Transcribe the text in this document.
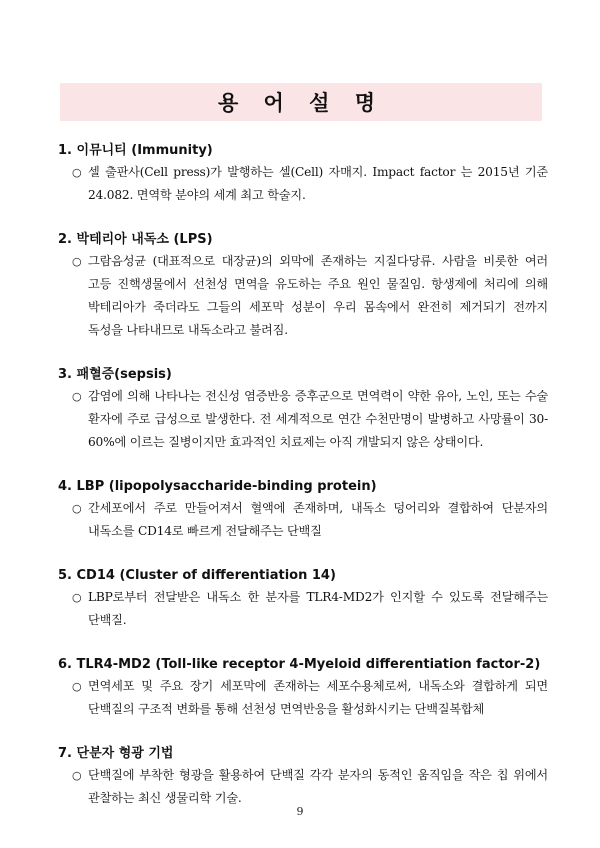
용 어 설 명
1. 이뮤니티 (Immunity)
○ 셀 출판사(Cell press)가 발행하는 셀(Cell) 자매지. Impact factor 는 2015년 기준 24.082. 면역학 분야의 세계 최고 학술지.
2. 박테리아 내독소 (LPS)
○ 그람음성균 (대표적으로 대장균)의 외막에 존재하는 지질다당류. 사람을 비롯한 여러 고등 진핵생물에서 선천성 면역을 유도하는 주요 원인 물질임. 항생제에 처리에 의해 박테리아가 죽더라도 그들의 세포막 성분이 우리 몸속에서 완전히 제거되기 전까지 독성을 나타내므로 내독소라고 불려짐.
3. 패혈증(sepsis)
○ 감염에 의해 나타나는 전신성 염증반응 증후군으로 면역력이 약한 유아, 노인, 또는 수술 환자에 주로 급성으로 발생한다. 전 세계적으로 연간 수천만명이 발병하고 사망률이 30-60%에 이르는 질병이지만 효과적인 치료제는 아직 개발되지 않은 상태이다.
4. LBP (lipopolysaccharide-binding protein)
○ 간세포에서 주로 만들어져서 혈액에 존재하며, 내독소 덩어리와 결합하여 단분자의 내독소를 CD14로 빠르게 전달해주는 단백질
5. CD14 (Cluster of differentiation 14)
○ LBP로부터 전달받은 내독소 한 분자를 TLR4-MD2가 인지할 수 있도록 전달해주는 단백질.
6. TLR4-MD2 (Toll-like receptor 4-Myeloid differentiation factor-2)
○ 면역세포 및 주요 장기 세포막에 존재하는 세포수용체로써, 내독소와 결합하게 되면 단백질의 구조적 변화를 통해 선천성 면역반응을 활성화시키는 단백질복합체
7. 단분자 형광 기법
○ 단백질에 부착한 형광을 활용하여 단백질 각각 분자의 동적인 움직임을 작은 칩 위에서 관찰하는 최신 생물리학 기술.
9
